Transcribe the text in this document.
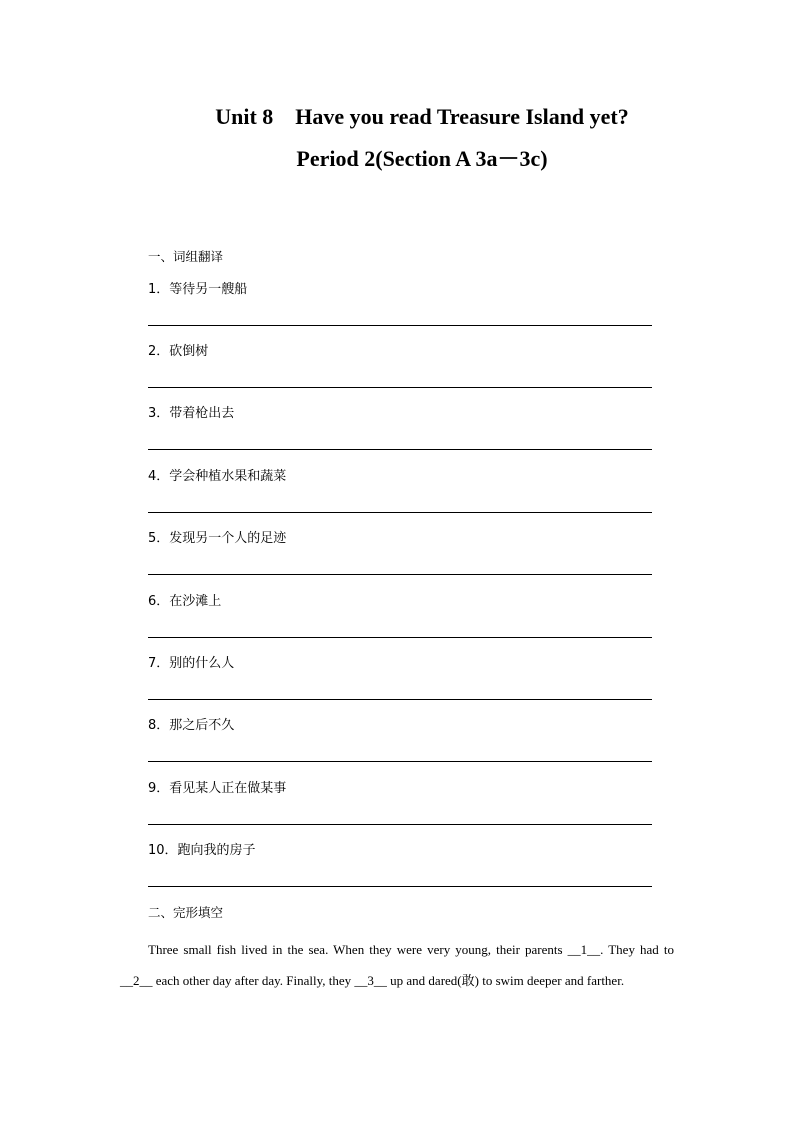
Unit 8    Have you read Treasure Island yet?
Period 2(Section A 3a－3c)
一、词组翻译
1．等待另一艘船
2．砍倒树
3．带着枪出去
4．学会种植水果和蔬菜
5．发现另一个人的足迹
6．在沙滩上
7．别的什么人
8．那之后不久
9．看见某人正在做某事
10．跑向我的房子
二、完形填空

Three small fish lived in the sea. When they were very young, their parents __1__. They had to __2__ each other day after day. Finally, they __3__ up and dared(敢) to swim deeper and farther.
